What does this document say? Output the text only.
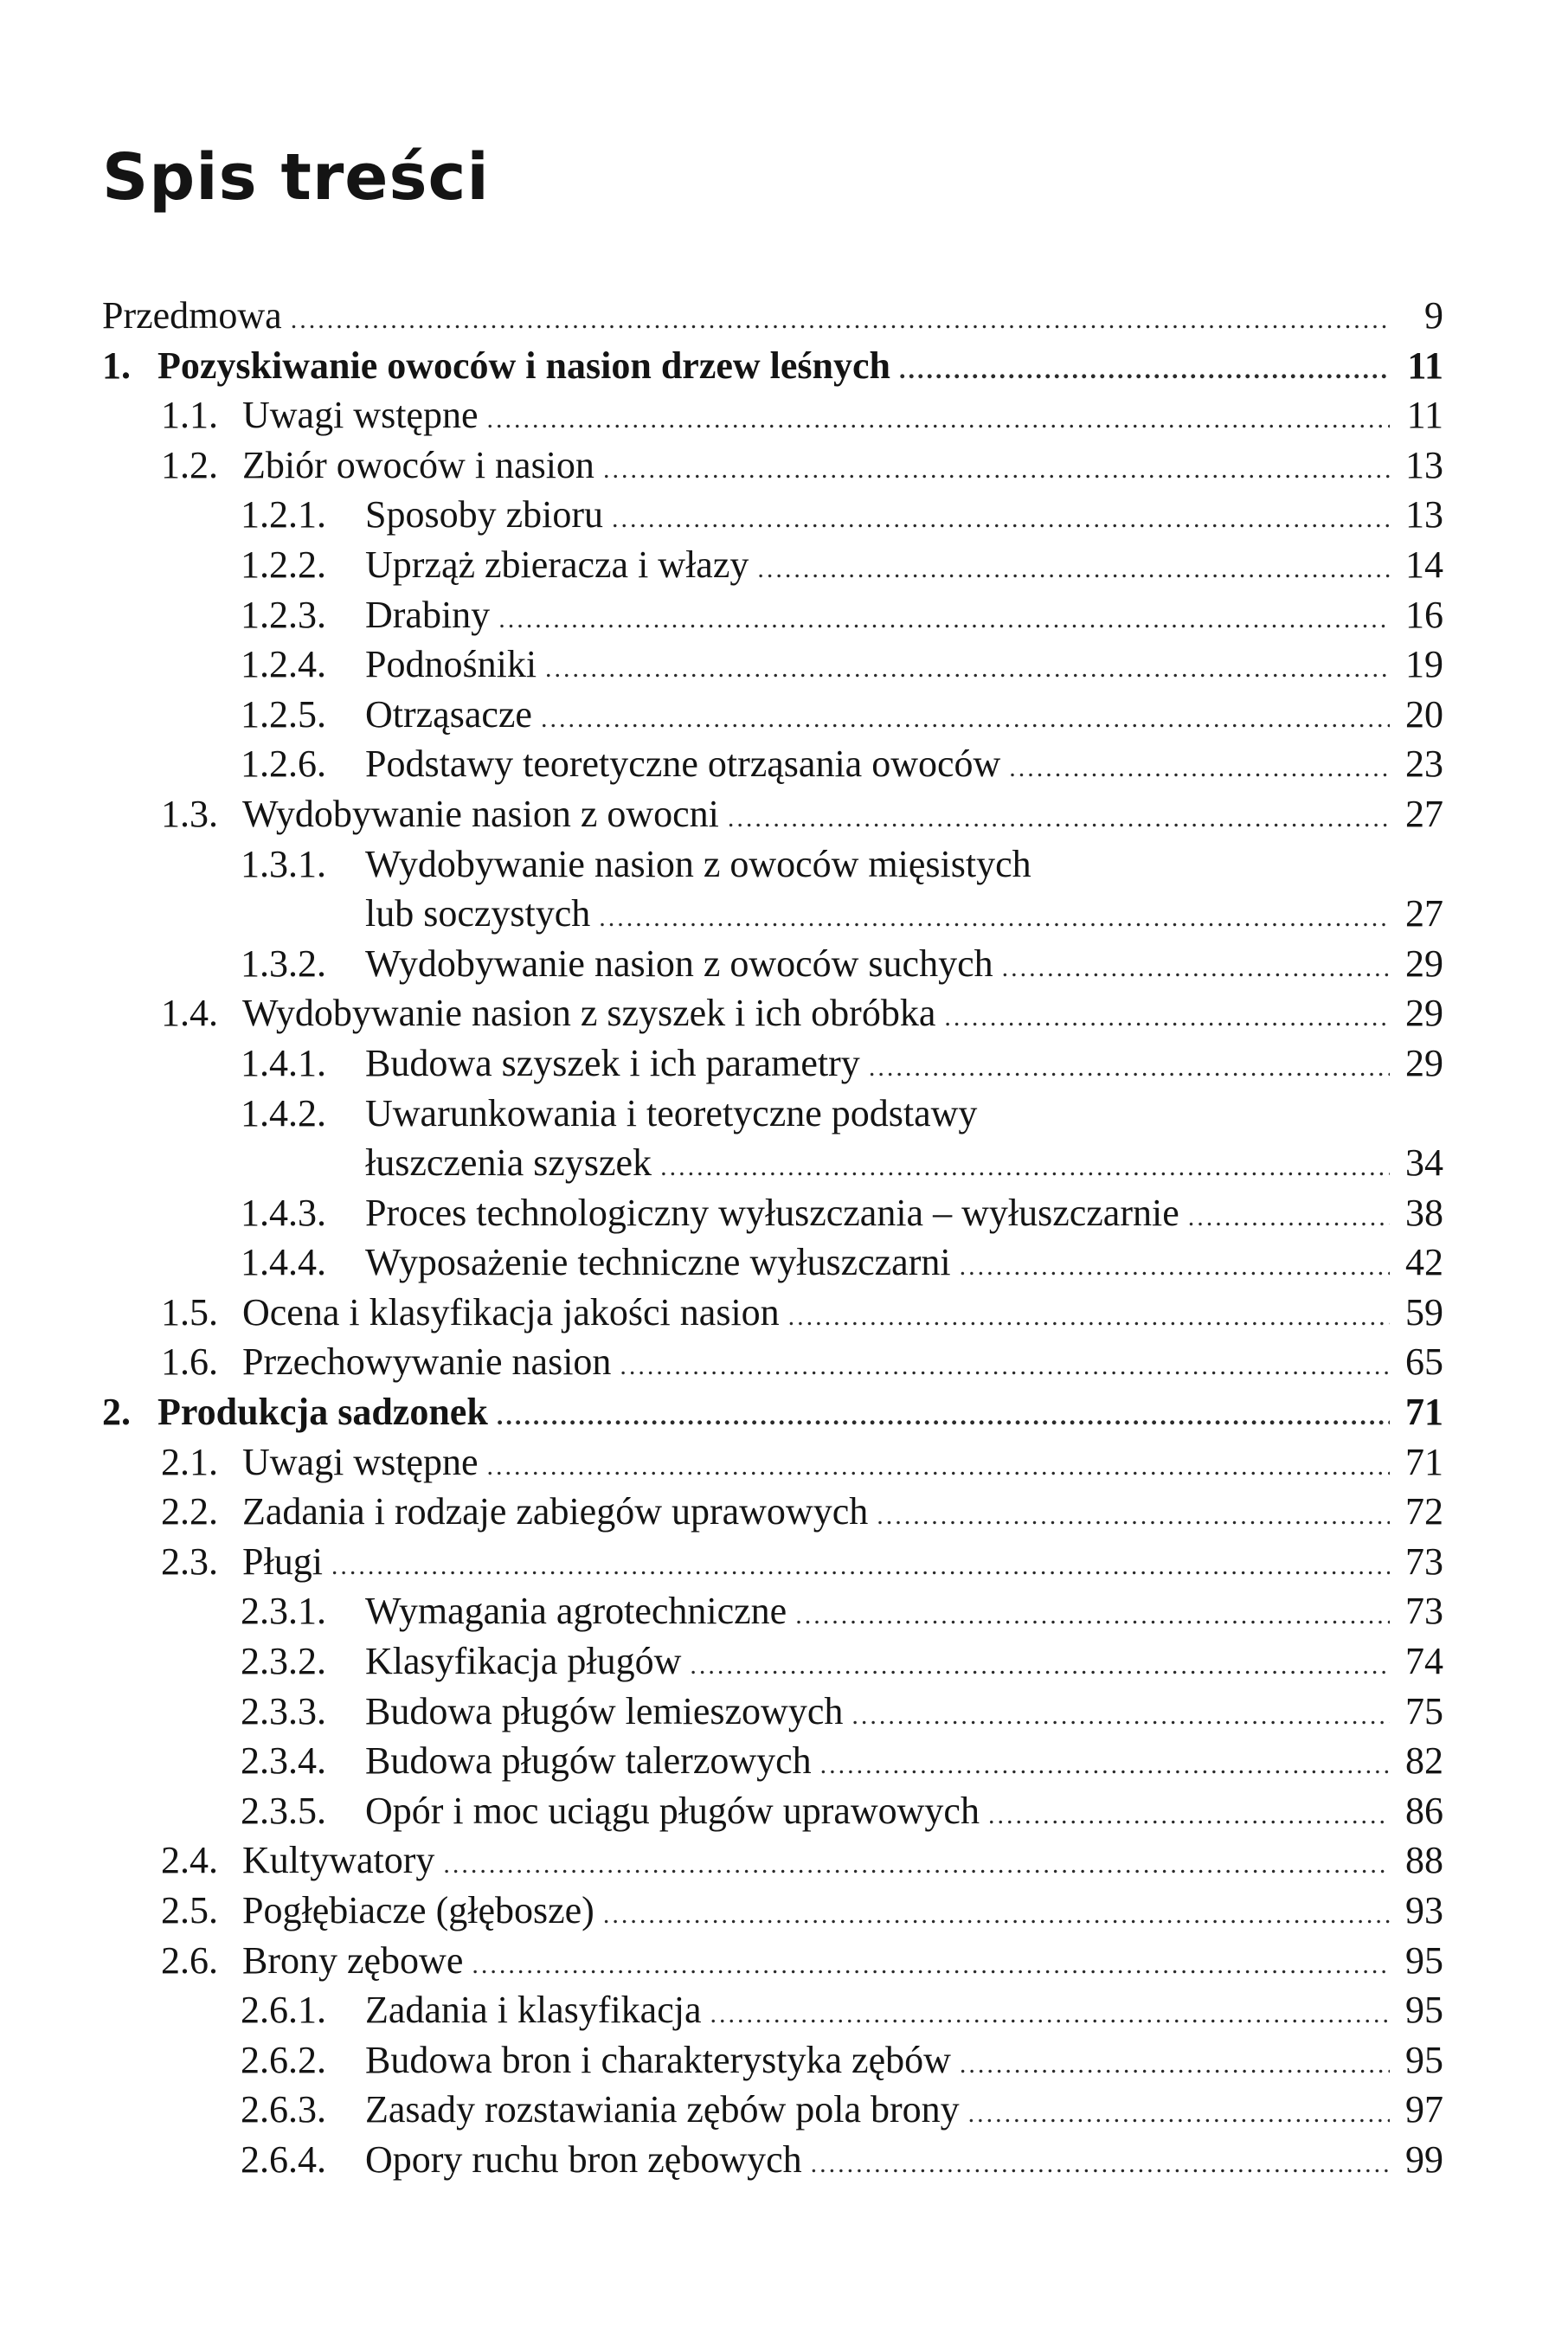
Spis treści
Przedmowa .....	9
1. Pozyskiwanie owoców i nasion drzew leśnych .....	11
1.1. Uwagi wstępne .....	11
1.2. Zbiór owoców i nasion .....	13
1.2.1.	Sposoby zbioru .....	13
1.2.2.	Uprząż zbieracza i włazy .....	14
1.2.3.	Drabiny .....	16
1.2.4.	Podnośniki .....	19
1.2.5.	Otrząsacze .....	20
1.2.6.	Podstawy teoretyczne otrząsania owoców .....	23
1.3. Wydobywanie nasion z owocni .....	27
1.3.1.	Wydobywanie nasion z owoców mięsistych
lub soczystych .....	27
1.3.2.	Wydobywanie nasion z owoców suchych .....	29
1.4. Wydobywanie nasion z szyszek i ich obróbka .....	29
1.4.1.	Budowa szyszek i ich parametry .....	29
1.4.2.	Uwarunkowania i teoretyczne podstawy
łuszczenia szyszek .....	34
1.4.3.	Proces technologiczny wyłuszczania – wyłuszczarnie .....	38
1.4.4.	Wyposażenie techniczne wyłuszczarni .....	42
1.5. Ocena i klasyfikacja jakości nasion .....	59
1.6. Przechowywanie nasion .....	65
2. Produkcja sadzonek .....	71
2.1. Uwagi wstępne .....	71
2.2. Zadania i rodzaje zabiegów uprawowych .....	72
2.3. Pługi .....	73
2.3.1.	Wymagania agrotechniczne .....	73
2.3.2.	Klasyfikacja pługów .....	74
2.3.3.	Budowa pługów lemieszowych .....	75
2.3.4.	Budowa pługów talerzowych .....	82
2.3.5.	Opór i moc uciągu pługów uprawowych .....	86
2.4. Kultywatory .....	88
2.5. Pogłębiacze (głębosze) .....	93
2.6. Brony zębowe .....	95
2.6.1.	Zadania i klasyfikacja .....	95
2.6.2.	Budowa bron i charakterystyka zębów .....	95
2.6.3.	Zasady rozstawiania zębów pola brony .....	97
2.6.4.	Opory ruchu bron zębowych .....	99
